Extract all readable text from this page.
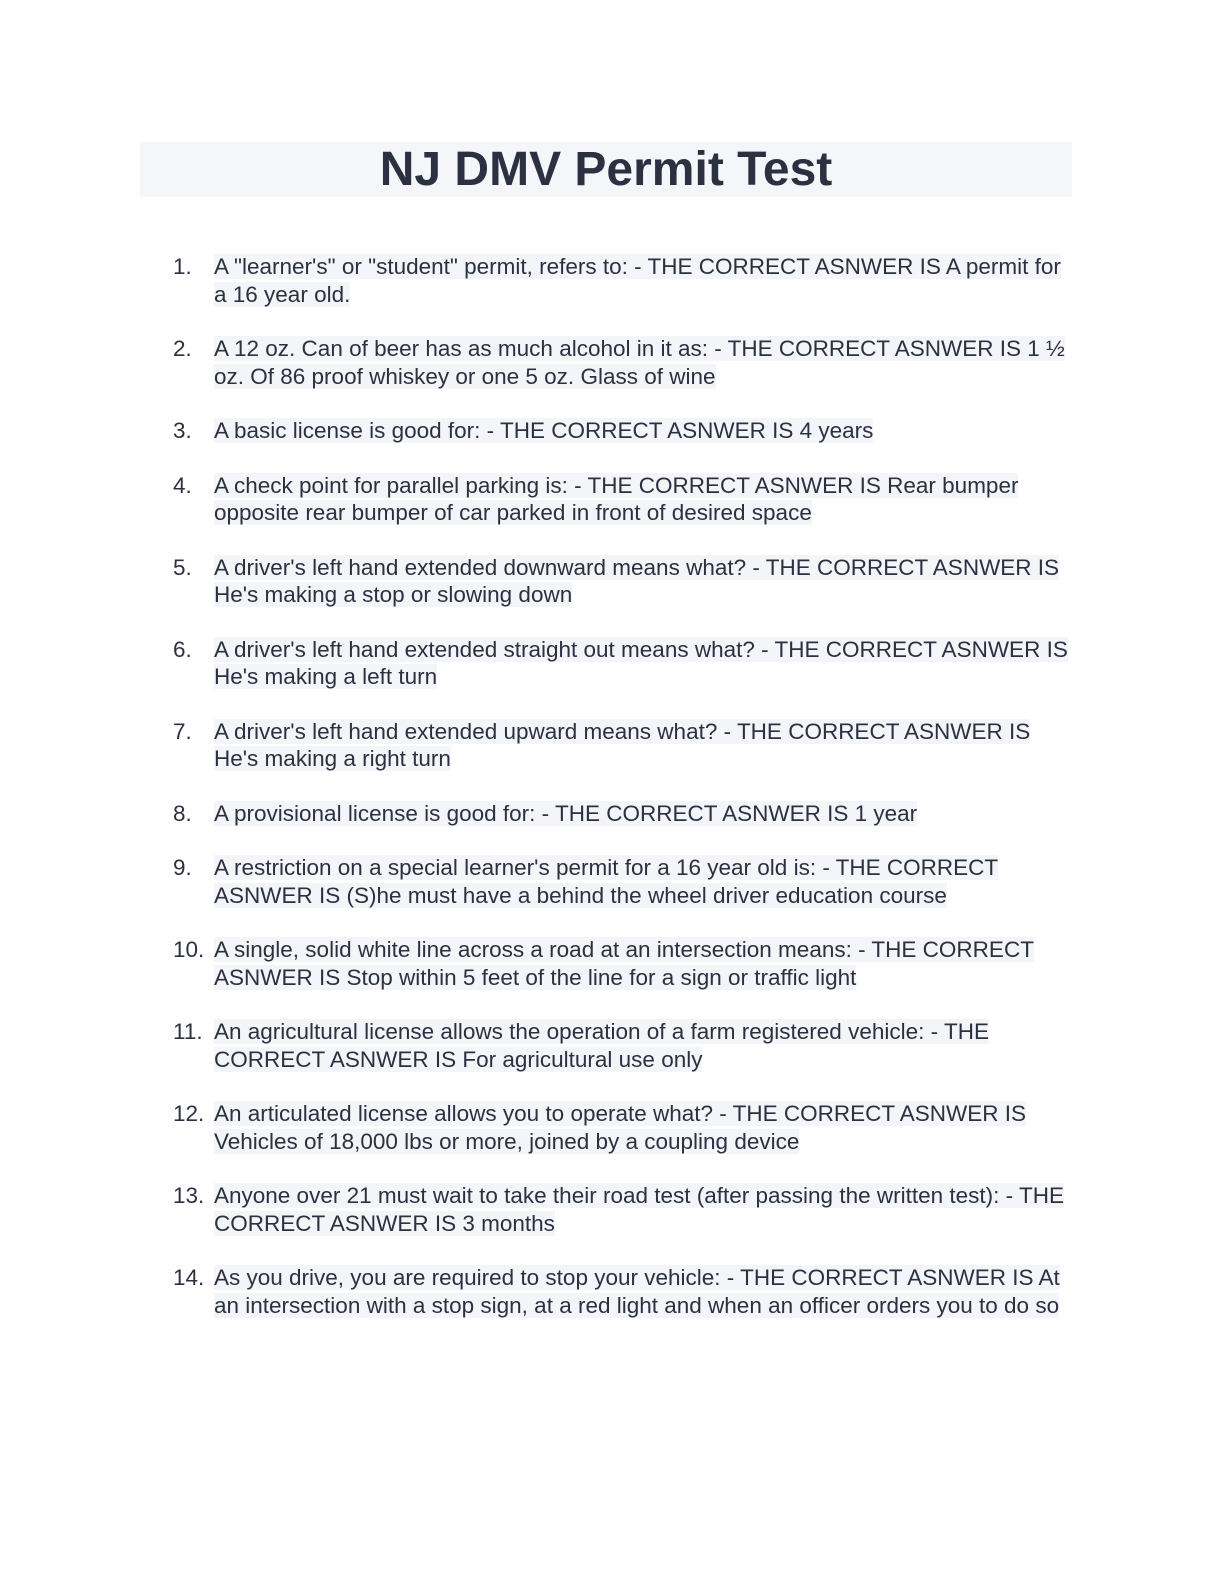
NJ DMV Permit Test
1. A "learner's" or "student" permit, refers to: - THE CORRECT ASNWER IS A permit for a 16 year old.
2. A 12 oz. Can of beer has as much alcohol in it as: - THE CORRECT ASNWER IS 1 ½ oz. Of 86 proof whiskey or one 5 oz. Glass of wine
3. A basic license is good for: - THE CORRECT ASNWER IS 4 years
4. A check point for parallel parking is: - THE CORRECT ASNWER IS Rear bumper opposite rear bumper of car parked in front of desired space
5. A driver's left hand extended downward means what? - THE CORRECT ASNWER IS He's making a stop or slowing down
6. A driver's left hand extended straight out means what? - THE CORRECT ASNWER IS He's making a left turn
7. A driver's left hand extended upward means what? - THE CORRECT ASNWER IS He's making a right turn
8. A provisional license is good for: - THE CORRECT ASNWER IS 1 year
9. A restriction on a special learner's permit for a 16 year old is: - THE CORRECT ASNWER IS (S)he must have a behind the wheel driver education course
10. A single, solid white line across a road at an intersection means: - THE CORRECT ASNWER IS Stop within 5 feet of the line for a sign or traffic light
11. An agricultural license allows the operation of a farm registered vehicle: - THE CORRECT ASNWER IS For agricultural use only
12. An articulated license allows you to operate what? - THE CORRECT ASNWER IS Vehicles of 18,000 lbs or more, joined by a coupling device
13. Anyone over 21 must wait to take their road test (after passing the written test): - THE CORRECT ASNWER IS 3 months
14. As you drive, you are required to stop your vehicle: - THE CORRECT ASNWER IS At an intersection with a stop sign, at a red light and when an officer orders you to do so
